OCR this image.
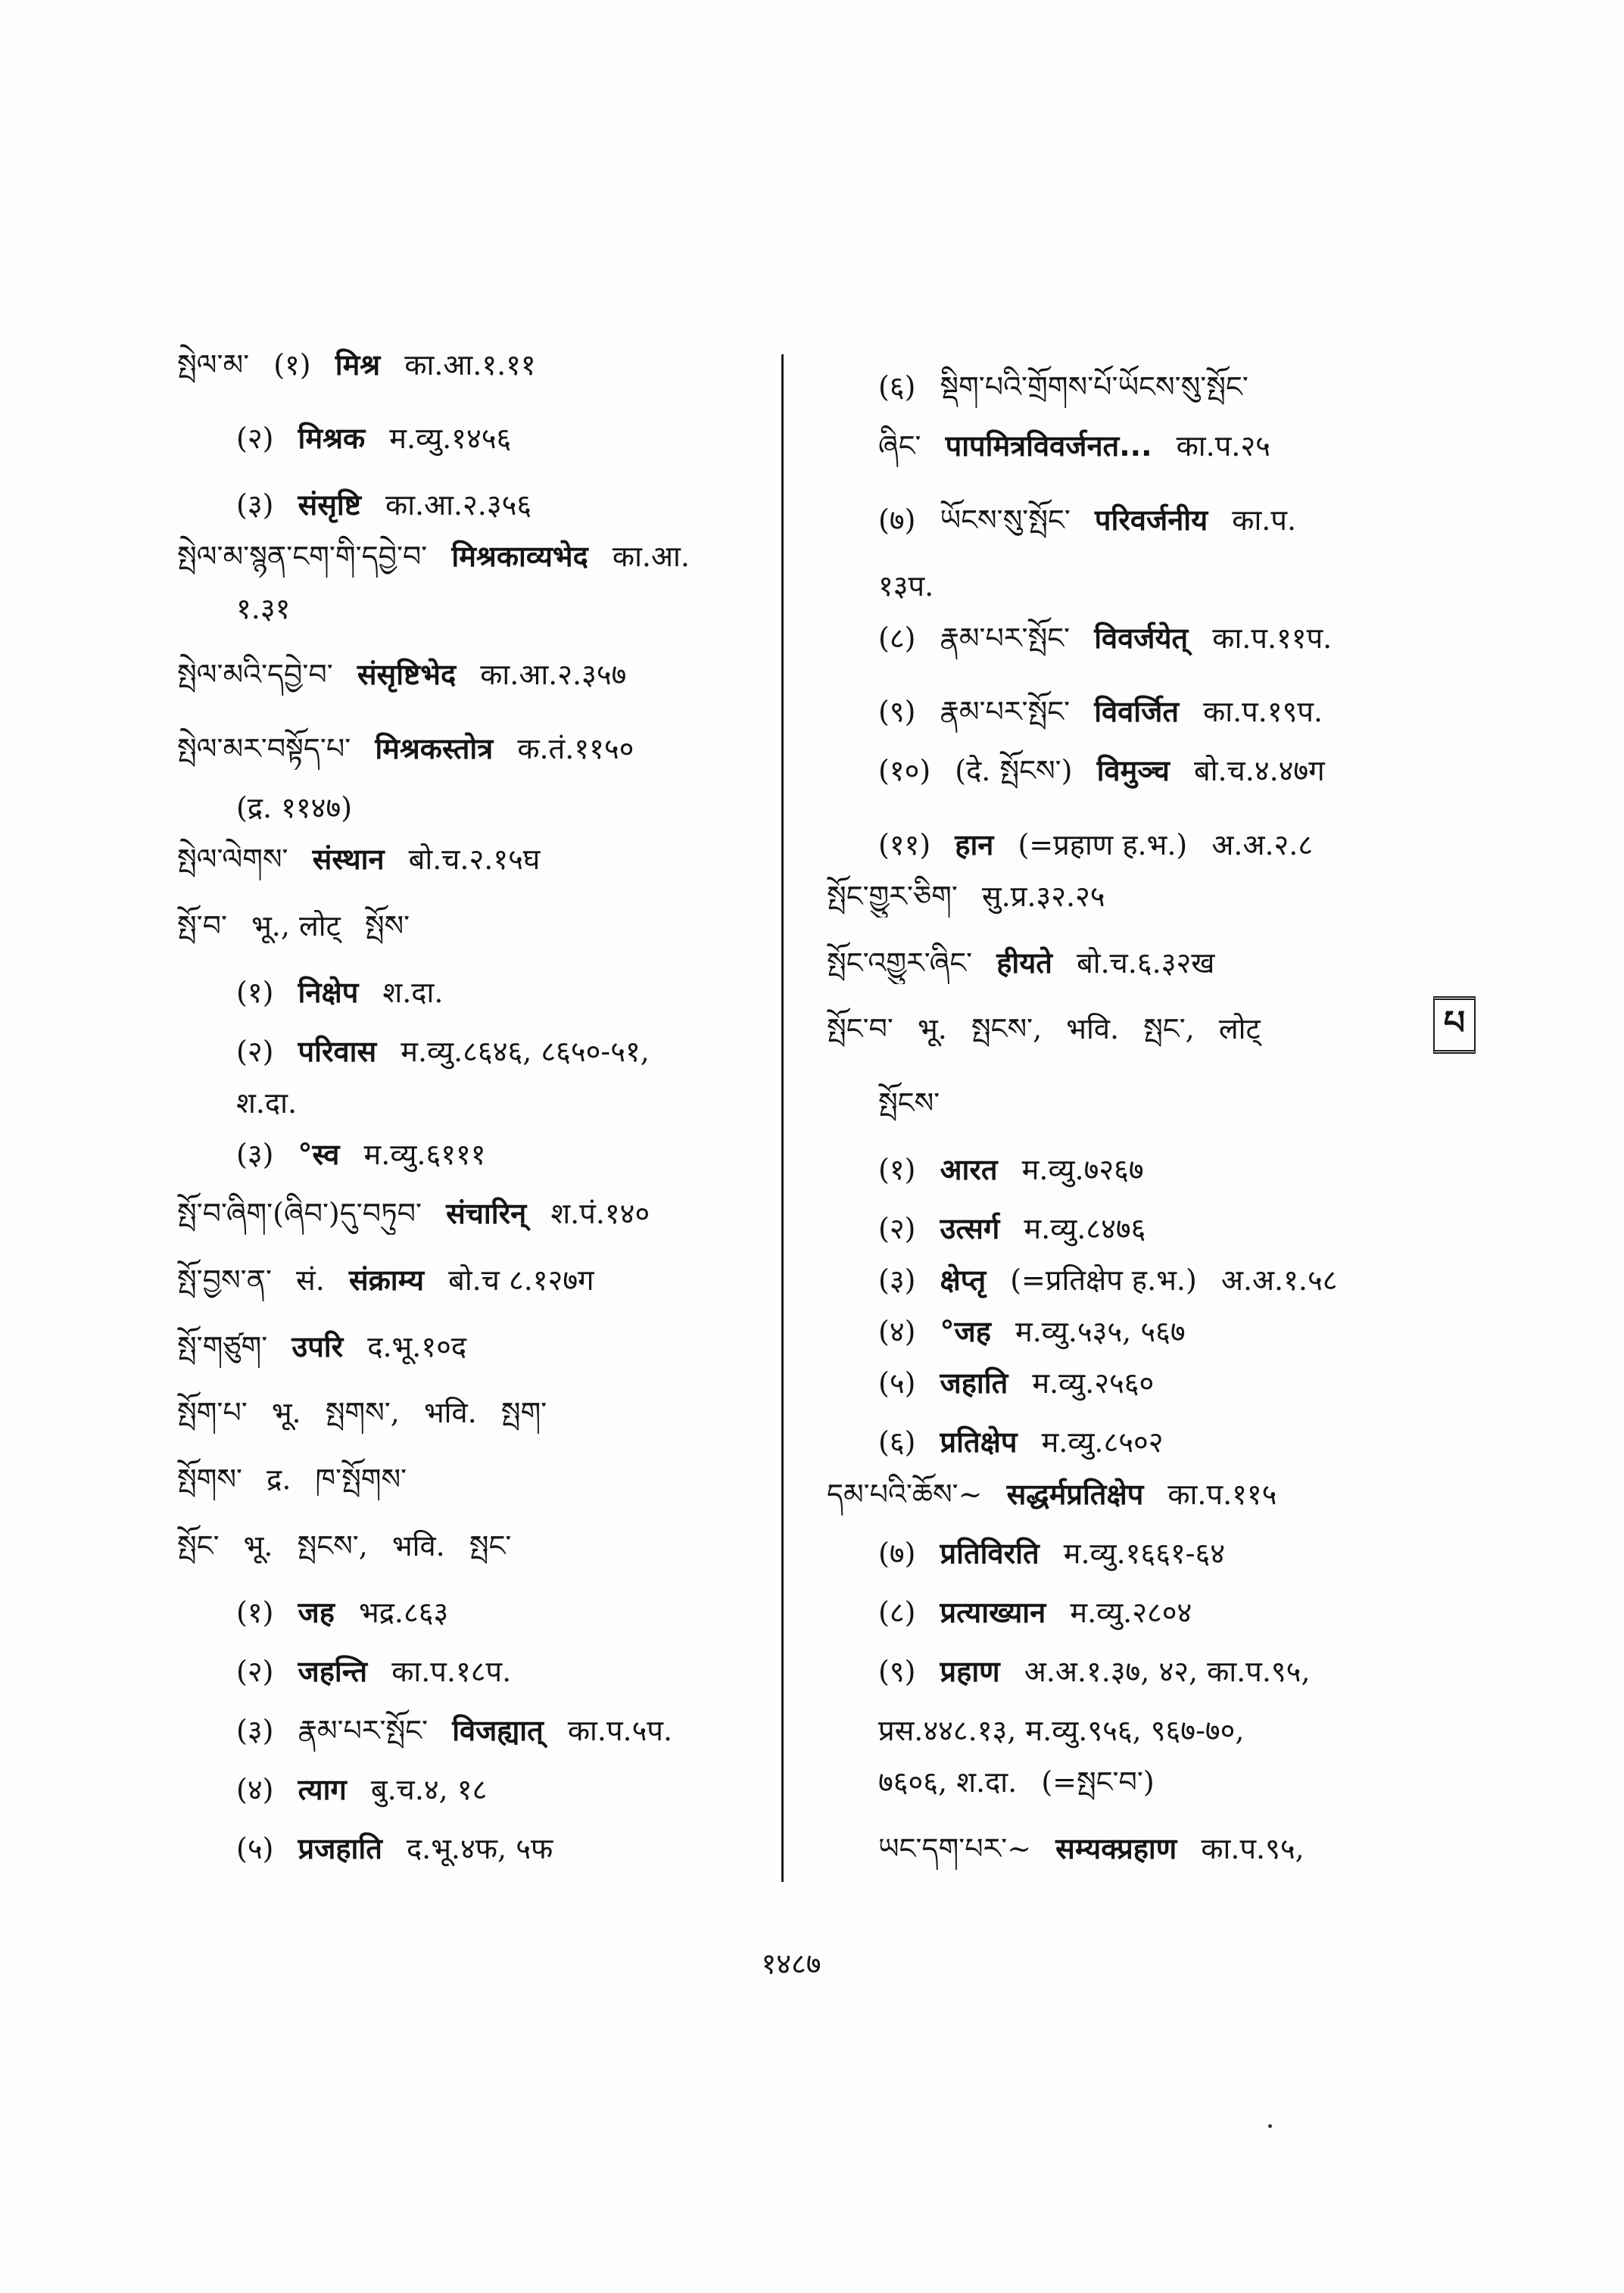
སྤེལ་མ་ (१) मिश्र का.आ.१.११
(२) मिश्रक म.व्यु.१४५६
(३) संसृष्टि का.आ.२.३५६
སྤེལ་མ་སྙན་ངག་གི་དབྱེ་བ་ मिश्रकाव्यभेद का.आ.
१.३१
སྤེལ་མའི་དབྱེ་བ་ संसृष्टिभेद का.आ.२.३५७
སྤེལ་མར་བསྟོད་པ་ मिश्रकस्तोत्र क.तं.११५०
(द्र. ११४७)
སྤེལ་ལེགས་ संस्थान बो.च.२.१५घ
སྤོ་བ་ भू., लोट् སྤོས་
(१) निक्षेप श.दा.
(२) परिवास म.व्यु.८६४६, ८६५०-५१,
श.दा.
(३) °स्व म.व्यु.६१११
སྤོ་བ་ཞིག་(ཞིབ་)དུ་བཏུབ་ संचारिन् श.पं.१४०
སྤོ་བྱས་ན་ सं. संक्राम्य बो.च ८.१२७ग
སྤོ་གཙུག་ उपरि द.भू.१०द
སྤོག་པ་ भू. སྤགས་, भवि. སྤག་
སྤོགས་ द्र. ཁ་སྤོགས་
སྤོང་ भू. སྤངས་, भवि. སྤང་
(१) जह भद्र.८६३
(२) जहन्ति का.प.१८प.
(३) རྣམ་པར་སྤོང་ विजह्यात् का.प.५प.
(४) त्याग बु.च.४, १८
(५) प्रजहाति द.भू.४फ, ५फ
(६) སྡིག་པའི་གྲོགས་པོ་ཡོངས་སུ་སྤོང་
ཞིང་ पापमित्रविवर्जनत... का.प.२५
(७) ཡོངས་སུ་སྤོང་ परिवर्जनीय का.प.
१३प.
(८) རྣམ་པར་སྤོང་ विवर्जयेत् का.प.११प.
(९) རྣམ་པར་སྤོང་ विवर्जित का.प.१९प.
(१०) (दे. སྤོངས་) विमुञ्च बो.च.४.४७ग
(११) हान (=प्रहाण ह.भ.) अ.अ.२.८
སྤོང་གྱུར་ཅིག་ सु.प्र.३२.२५
སྤོང་འགྱུར་ཞིང་ हीयते बो.च.६.३२ख
སྤོང་བ་ भू. སྤངས་, भवि. སྤང་, लोट्
སྤོངས་
(१) आरत म.व्यु.७२६७
(२) उत्सर्ग म.व्यु.८४७६
(३) क्षेप्तृ (=प्रतिक्षेप ह.भ.) अ.अ.१.५८
(४) °जह म.व्यु.५३५, ५६७
(५) जहाति म.व्यु.२५६०
(६) प्रतिक्षेप म.व्यु.८५०२
དམ་པའི་ཆོས་~ सद्धर्मप्रतिक्षेप का.प.११५
(७) प्रतिविरति म.व्यु.१६६१-६४
(८) प्रत्याख्यान म.व्यु.२८०४
(९) प्रहाण अ.अ.१.३७, ४२, का.प.९५,
प्रस.४४८.१३, म.व्यु.९५६, ९६७-७०,
७६०६, श.दा. (=སྤང་བ་)
ཡང་དག་པར་~ सम्यक्प्रहाण का.प.९५,
པ
१४८७
